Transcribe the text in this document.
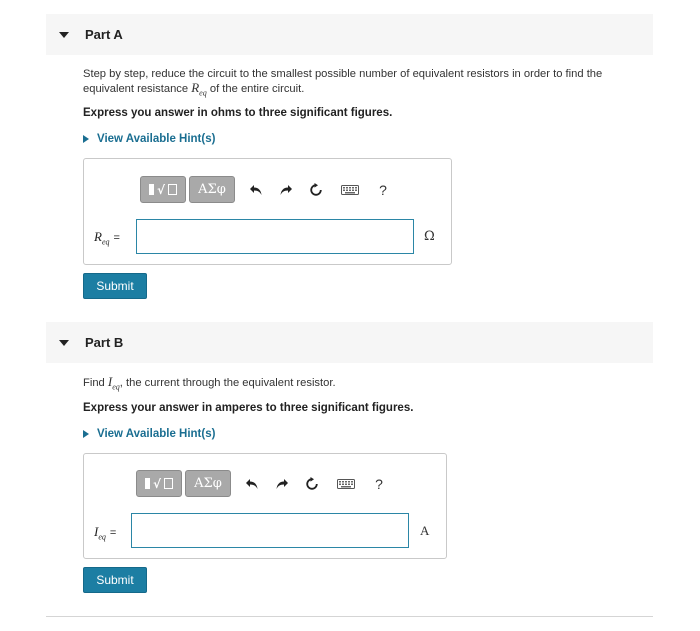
Part A
Step by step, reduce the circuit to the smallest possible number of equivalent resistors in order to find the equivalent resistance $R_{eq}$ of the entire circuit.
Express you answer in ohms to three significant figures.
View Available Hint(s)
√	ΑΣφ	?
$R_{eq}$ =	Ω
Submit
Part B
Find $I_{eq}$, the current through the equivalent resistor.
Express your answer in amperes to three significant figures.
View Available Hint(s)
√	ΑΣφ	?
$I_{eq}$ =	A
Submit
